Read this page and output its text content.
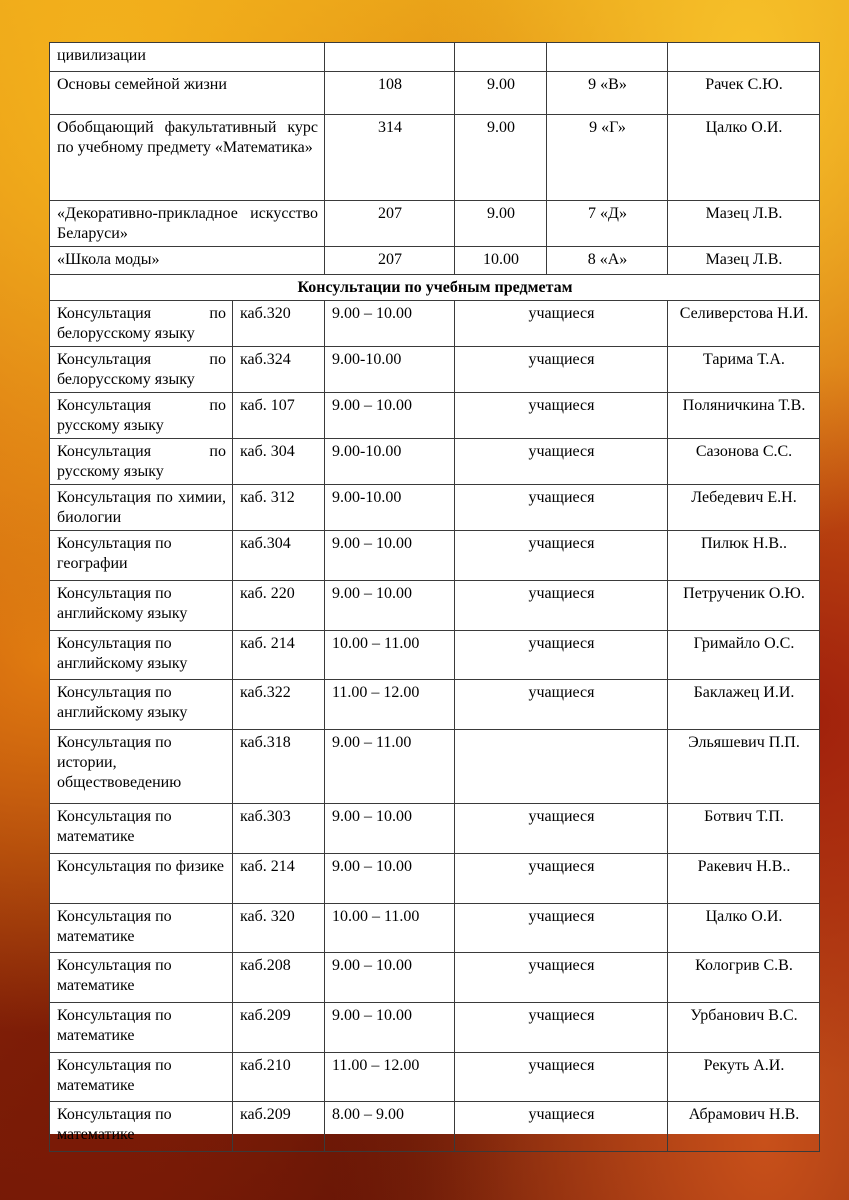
цивилизации					
Основы семейной жизни		108	9.00	9 «В»	Рачек С.Ю.
Обобщающий факультативный курс по учебному предмету «Математика»		314	9.00	9 «Г»	Цалко О.И.
«Декоративно-прикладное искусство Беларуси»		207	9.00	7 «Д»	Мазец Л.В.
«Школа моды»		207	10.00	8 «А»	Мазец Л.В.
Консультации по учебным предметам					
Консультация по белорусскому языку	каб.320	9.00 – 10.00	учащиеся		Селиверстова Н.И.
Консультация по белорусскому языку	каб.324	9.00-10.00	учащиеся		Тарима Т.А.
Консультация по русскому языку	каб. 107	9.00 – 10.00	учащиеся		Поляничкина Т.В.
Консультация по русскому языку	каб. 304	9.00-10.00	учащиеся		Сазонова С.С.
Консультация по химии, биологии	каб. 312	9.00-10.00	учащиеся		Лебедевич Е.Н.
Консультация по географии	каб.304	9.00 – 10.00	учащиеся		Пилюк Н.В..
Консультация по английскому языку	каб. 220	9.00 – 10.00	учащиеся		Петрученик О.Ю.
Консультация по английскому языку	каб. 214	10.00 – 11.00	учащиеся		Гримайло О.С.
Консультация по английскому языку	каб.322	11.00 – 12.00	учащиеся		Баклажец И.И.
Консультация по истории, обществоведению	каб.318	9.00 – 11.00			Эльяшевич П.П.
Консультация по математике	каб.303	9.00 – 10.00	учащиеся		Ботвич Т.П.
Консультация по физике	каб. 214	9.00 – 10.00	учащиеся		Ракевич Н.В..
Консультация по математике	каб. 320	10.00 – 11.00	учащиеся		Цалко О.И.
Консультация по математике	каб.208	9.00 – 10.00	учащиеся		Кологрив С.В.
Консультация по математике	каб.209	9.00 – 10.00	учащиеся		Урбанович В.С.
Консультация по математике	каб.210	11.00 – 12.00	учащиеся		Рекуть А.И.
Консультация по математике	каб.209	8.00 – 9.00	учащиеся		Абрамович Н.В.
